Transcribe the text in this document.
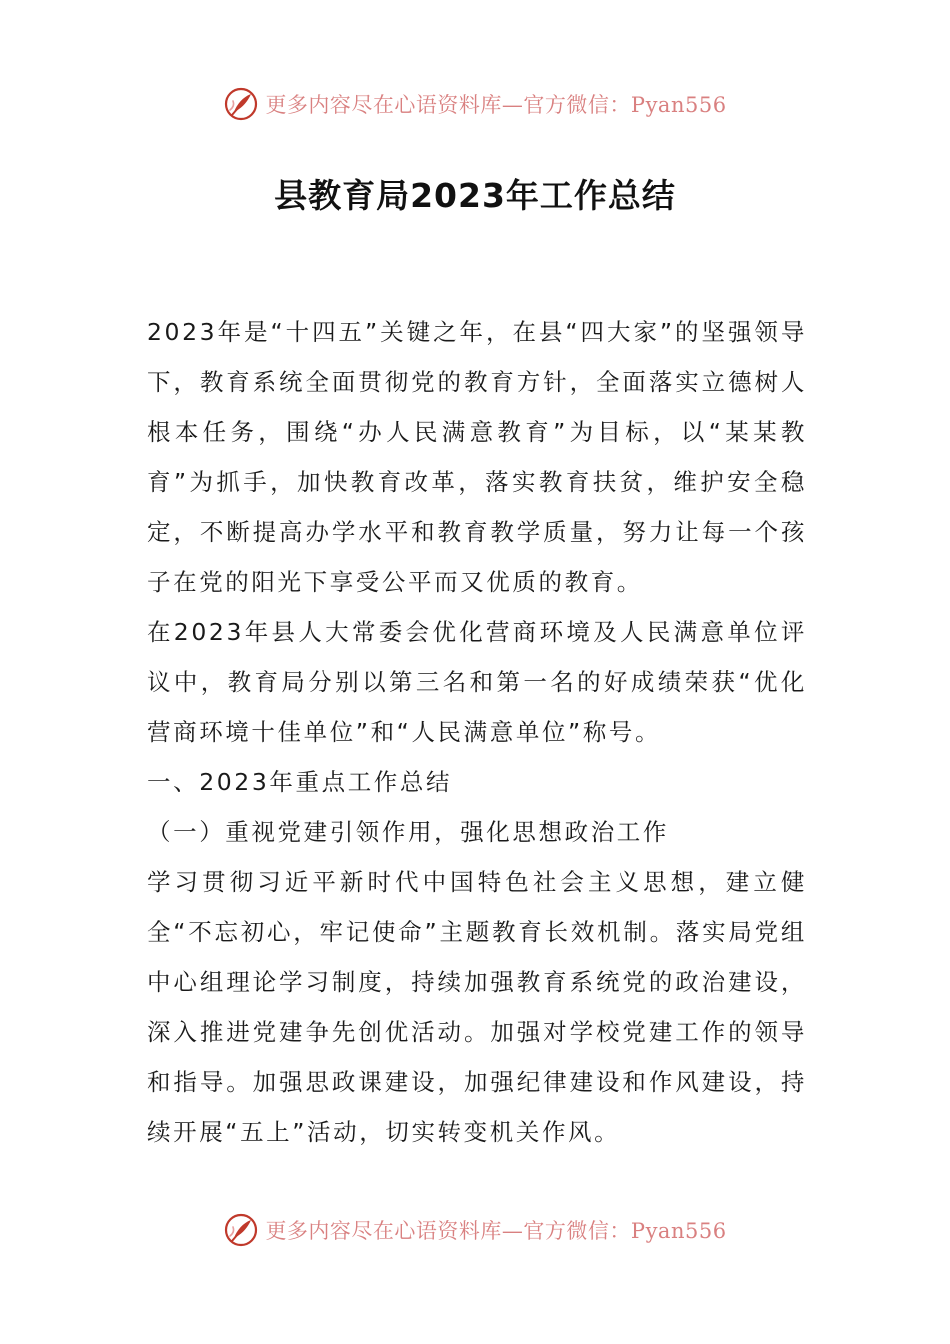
更多内容尽在心语资料库—官方微信：Pyan556
县教育局2023年工作总结

2023年是“十四五”关键之年，在县“四大家”的坚强领导下，教育系统全面贯彻党的教育方针，全面落实立德树人根本任务，围绕“办人民满意教育”为目标，以“某某教育”为抓手，加快教育改革，落实教育扶贫，维护安全稳定，不断提高办学水平和教育教学质量，努力让每一个孩子在党的阳光下享受公平而又优质的教育。

在2023年县人大常委会优化营商环境及人民满意单位评议中，教育局分别以第三名和第一名的好成绩荣获“优化营商环境十佳单位”和“人民满意单位”称号。

一、2023年重点工作总结

（一）重视党建引领作用，强化思想政治工作

学习贯彻习近平新时代中国特色社会主义思想，建立健全“不忘初心，牢记使命”主题教育长效机制。落实局党组中心组理论学习制度，持续加强教育系统党的政治建设，深入推进党建争先创优活动。加强对学校党建工作的领导和指导。加强思政课建设，加强纪律建设和作风建设，持续开展“五上”活动，切实转变机关作风。

更多内容尽在心语资料库—官方微信：Pyan556
